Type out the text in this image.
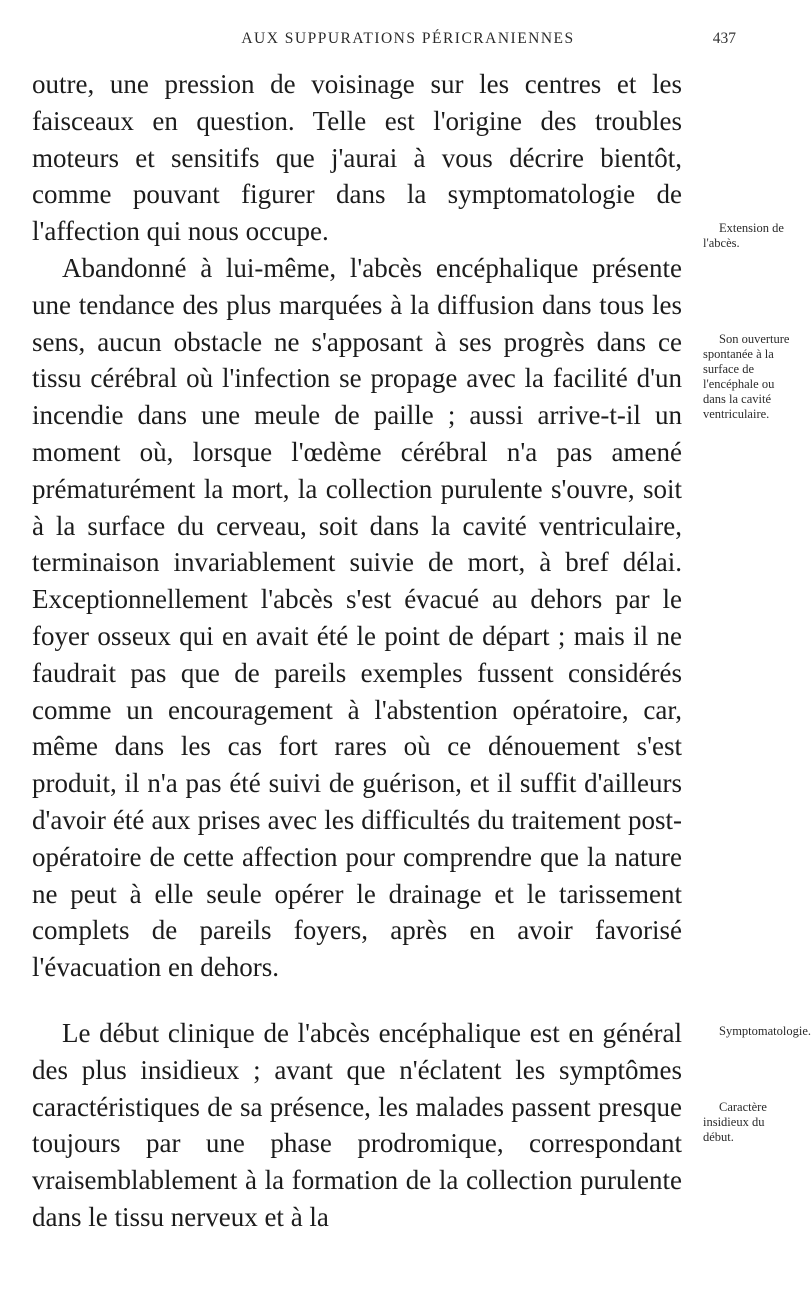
AUX SUPPURATIONS PÉRICRANIENNES	437

outre, une pression de voisinage sur les centres et les faisceaux en question. Telle est l'origine des troubles moteurs et sensitifs que j'aurai à vous décrire bientôt, comme pouvant figurer dans la symptomatologie de l'affection qui nous occupe.

Abandonné à lui-même, l'abcès encéphalique présente une tendance des plus marquées à la diffusion dans tous les sens, aucun obstacle ne s'apposant à ses progrès dans ce tissu cérébral où l'infection se propage avec la facilité d'un incendie dans une meule de paille ; aussi arrive-t-il un moment où, lorsque l'œdème cérébral n'a pas amené prématurément la mort, la collection purulente s'ouvre, soit à la surface du cerveau, soit dans la cavité ventriculaire, terminaison invariablement suivie de mort, à bref délai. Exceptionnellement l'abcès s'est évacué au dehors par le foyer osseux qui en avait été le point de départ ; mais il ne faudrait pas que de pareils exemples fussent considérés comme un encouragement à l'abstention opératoire, car, même dans les cas fort rares où ce dénouement s'est produit, il n'a pas été suivi de guérison, et il suffit d'ailleurs d'avoir été aux prises avec les difficultés du traitement post-opératoire de cette affection pour comprendre que la nature ne peut à elle seule opérer le drainage et le tarissement complets de pareils foyers, après en avoir favorisé l'évacuation en dehors.

Le début clinique de l'abcès encéphalique est en général des plus insidieux ; avant que n'éclatent les symptômes caractéristiques de sa présence, les malades passent presque toujours par une phase prodromique, correspondant vraisemblablement à la formation de la collection purulente dans le tissu nerveux et à la

Extension de l'abcès.
Son ouverture spontanée à la surface de l'encéphale ou dans la cavité ventriculaire.
Symptomatologie.
Caractère insidieux du début.
